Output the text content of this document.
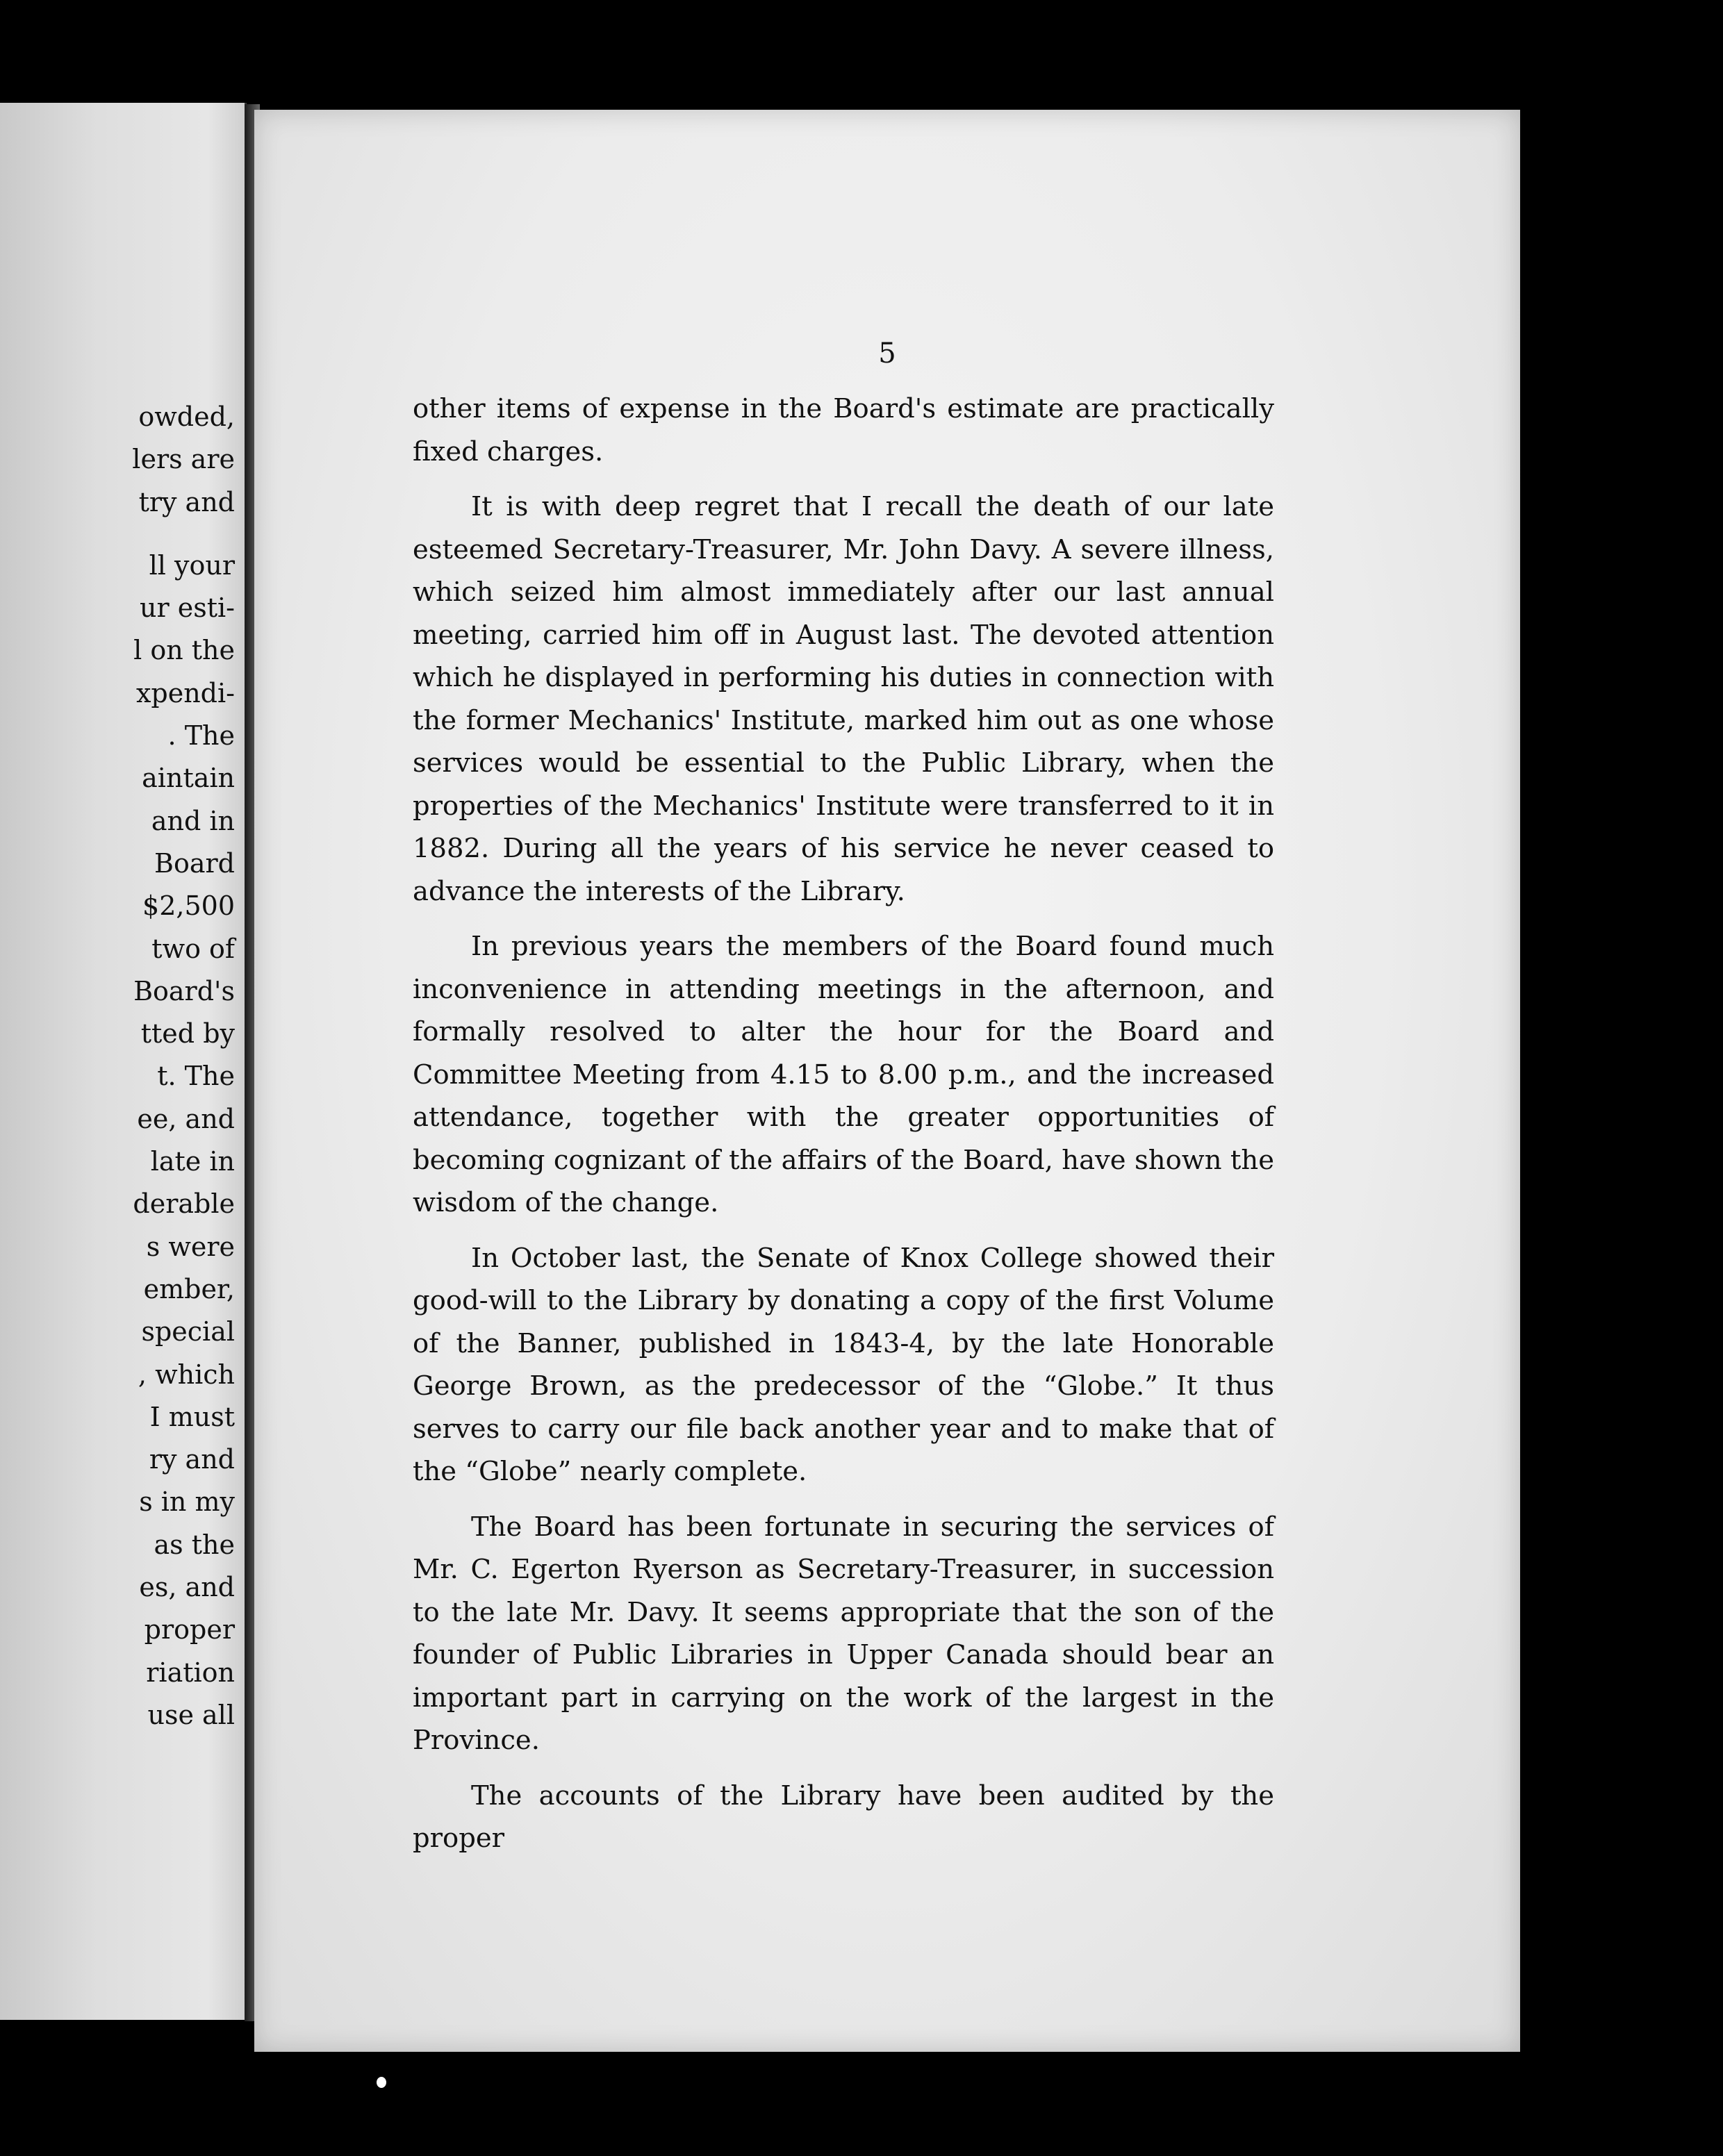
owded,
lers are
try and
ll your
ur esti-
l on the
xpendi-
. The
aintain
and in
Board
$2,500
two of
Board's
tted by
t. The
ee, and
late in
derable
s were
ember,
special
, which
I must
ry and
s in my
as the
es, and
proper
riation
use all
5

other items of expense in the Board's estimate are practically fixed charges.

It is with deep regret that I recall the death of our late esteemed Secretary-Treasurer, Mr. John Davy. A severe illness, which seized him almost immediately after our last annual meeting, carried him off in August last. The devoted attention which he displayed in performing his duties in connection with the former Mechanics' Institute, marked him out as one whose services would be essential to the Public Library, when the properties of the Mechanics' Institute were transferred to it in 1882. During all the years of his service he never ceased to advance the interests of the Library.

In previous years the members of the Board found much inconvenience in attending meetings in the afternoon, and formally resolved to alter the hour for the Board and Committee Meeting from 4.15 to 8.00 p.m., and the increased attendance, together with the greater opportunities of becoming cognizant of the affairs of the Board, have shown the wisdom of the change.

In October last, the Senate of Knox College showed their good-will to the Library by donating a copy of the first Volume of the Banner, published in 1843-4, by the late Honorable George Brown, as the predecessor of the “Globe.” It thus serves to carry our file back another year and to make that of the “Globe” nearly complete.

The Board has been fortunate in securing the services of Mr. C. Egerton Ryerson as Secretary-Treasurer, in succession to the late Mr. Davy. It seems appropriate that the son of the founder of Public Libraries in Upper Canada should bear an important part in carrying on the work of the largest in the Province.

The accounts of the Library have been audited by the proper
